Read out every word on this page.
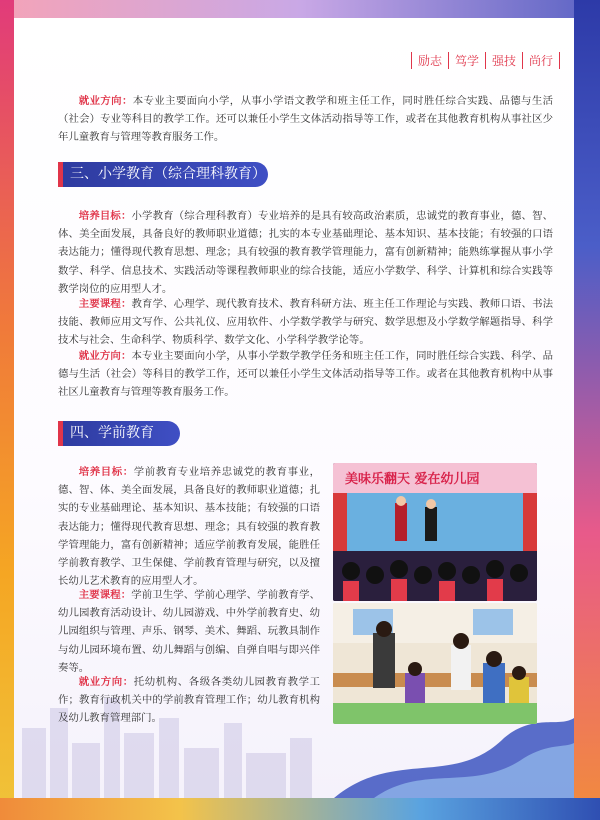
励志	笃学	强技	尚行

就业方向：本专业主要面向小学，从事小学语文教学和班主任工作，同时胜任综合实践、品德与生活（社会）专业等科目的教学工作。还可以兼任小学生文体活动指导等工作，或者在其他教育机构从事社区少年儿童教育与管理等教育服务工作。

三、小学教育（综合理科教育）

培养目标：小学教育（综合理科教育）专业培养的是具有较高政治素质，忠诚党的教育事业，德、智、体、美全面发展，具备良好的教师职业道德；扎实的本专业基础理论、基本知识、基本技能；有较强的口语表达能力；懂得现代教育思想、理念；具有较强的教育教学管理能力，富有创新精神；能熟练掌握从事小学数学、科学、信息技术、实践活动等课程教师职业的综合技能，适应小学数学、科学、计算机和综合实践等教学岗位的应用型人才。

主要课程：教育学、心理学、现代教育技术、教育科研方法、班主任工作理论与实践、教师口语、书法技能、教师应用文写作、公共礼仪、应用软件、小学数学教学与研究、数学思想及小学数学解题指导、科学技术与社会、生命科学、物质科学、数学文化、小学科学教学论等。

就业方向：本专业主要面向小学，从事小学数学教学任务和班主任工作，同时胜任综合实践、科学、品德与生活（社会）等科目的教学工作，还可以兼任小学生文体活动指导等工作。或者在其他教育机构中从事社区儿童教育与管理等教育服务工作。

四、学前教育

培养目标：学前教育专业培养忠诚党的教育事业，德、智、体、美全面发展，具备良好的教师职业道德；扎实的专业基础理论、基本知识、基本技能；有较强的口语表达能力；懂得现代教育思想、理念；具有较强的教育教学管理能力，富有创新精神；适应学前教育发展，能胜任学前教育教学、卫生保健、学前教育管理与研究，以及擅长幼儿艺术教育的应用型人才。

主要课程：学前卫生学、学前心理学、学前教育学、幼儿园教育活动设计、幼儿园游戏、中外学前教育史、幼儿园组织与管理、声乐、钢琴、美术、舞蹈、玩教具制作与幼儿园环境布置、幼儿舞蹈与创编、自弹自唱与即兴伴奏等。

就业方向：托幼机构、各级各类幼儿园教育教学工作；教育行政机关中的学前教育管理工作；幼儿教育机构及幼儿教育管理部门。

美味乐翻天 爱在幼儿园
